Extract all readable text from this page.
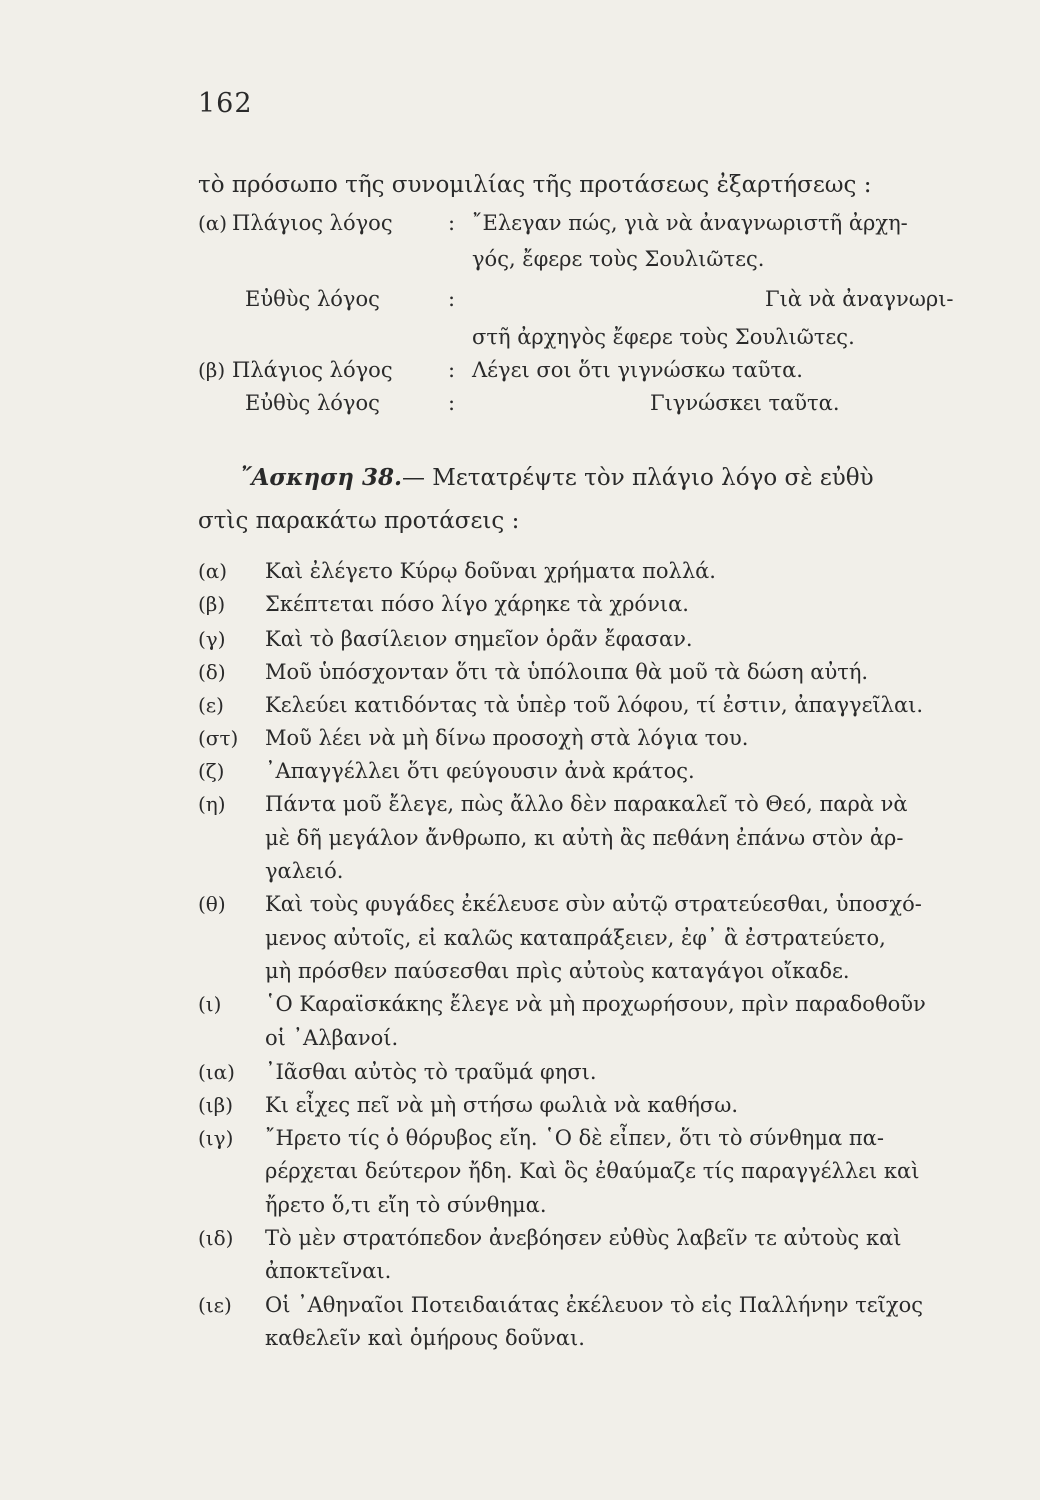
162
τὸ πρόσωπο τῆς συνομιλίας τῆς προτάσεως ἐξαρτήσεως :
(α) Πλάγιος λόγος	: ῎Ελεγαν πώς, γιὰ νὰ ἀναγνωριστῆ ἀρχη-
γός, ἔφερε τοὺς Σουλιῶτες.
Εὐθὺς λόγος	:	Γιὰ νὰ ἀναγνωρι-
στῆ ἀρχηγὸς ἔφερε τοὺς Σουλιῶτες.
(β) Πλάγιος λόγος	: Λέγει σοι ὅτι γιγνώσκω ταῦτα.
Εὐθὺς λόγος	:	Γιγνώσκει ταῦτα.
῎Ασκηση 38.— Μετατρέψτε τὸν πλάγιο λόγο σὲ εὐθὺ
στὶς παρακάτω προτάσεις :
(α) Καὶ ἐλέγετο Κύρῳ δοῦναι χρήματα πολλά.
(β) Σκέπτεται πόσο λίγο χάρηκε τὰ χρόνια.
(γ) Καὶ τὸ βασίλειον σημεῖον ὁρᾶν ἔφασαν.
(δ) Μοῦ ὑπόσχονταν ὅτι τὰ ὑπόλοιπα θὰ μοῦ τὰ δώση αὐτή.
(ε) Κελεύει κατιδόντας τὰ ὑπὲρ τοῦ λόφου, τί ἐστιν, ἀπαγγεῖλαι.
(στ) Μοῦ λέει νὰ μὴ δίνω προσοχὴ στὰ λόγια του.
(ζ) ᾿Απαγγέλλει ὅτι φεύγουσιν ἀνὰ κράτος.
(η) Πάντα μοῦ ἔλεγε, πὼς ἄλλο δὲν παρακαλεῖ τὸ Θεό, παρὰ νὰ
μὲ δῆ μεγάλον ἄνθρωπο, κι αὐτὴ ἂς πεθάνη ἐπάνω στὸν ἀρ-
γαλειό.
(θ) Καὶ τοὺς φυγάδες ἐκέλευσε σὺν αὐτῷ στρατεύεσθαι, ὑποσχό-
μενος αὐτοῖς, εἰ καλῶς καταπράξειεν, ἐφ᾿ ἃ ἐστρατεύετο,
μὴ πρόσθεν παύσεσθαι πρὶς αὐτοὺς καταγάγοι οἴκαδε.
(ι) ῾Ο Καραϊσκάκης ἔλεγε νὰ μὴ προχωρήσουν, πρὶν παραδοθοῦν
οἱ ᾿Αλβανοί.
(ια) ᾿Ιᾶσθαι αὐτὸς τὸ τραῦμά φησι.
(ιβ) Κι εἶχες πεῖ νὰ μὴ στήσω φωλιὰ νὰ καθήσω.
(ιγ) ῎Ηρετο τίς ὁ θόρυβος εἴη. ῾Ο δὲ εἶπεν, ὅτι τὸ σύνθημα πα-
ρέρχεται δεύτερον ἤδη. Καὶ ὃς ἐθαύμαζε τίς παραγγέλλει καὶ
ἤρετο ὅ,τι εἴη τὸ σύνθημα.
(ιδ) Τὸ μὲν στρατόπεδον ἀνεβόησεν εὐθὺς λαβεῖν τε αὐτοὺς καὶ
ἀποκτεῖναι.
(ιε) Οἱ ᾿Αθηναῖοι Ποτειδαιάτας ἐκέλευον τὸ εἰς Παλλήνην τεῖχος
καθελεῖν καὶ ὁμήρους δοῦναι.
